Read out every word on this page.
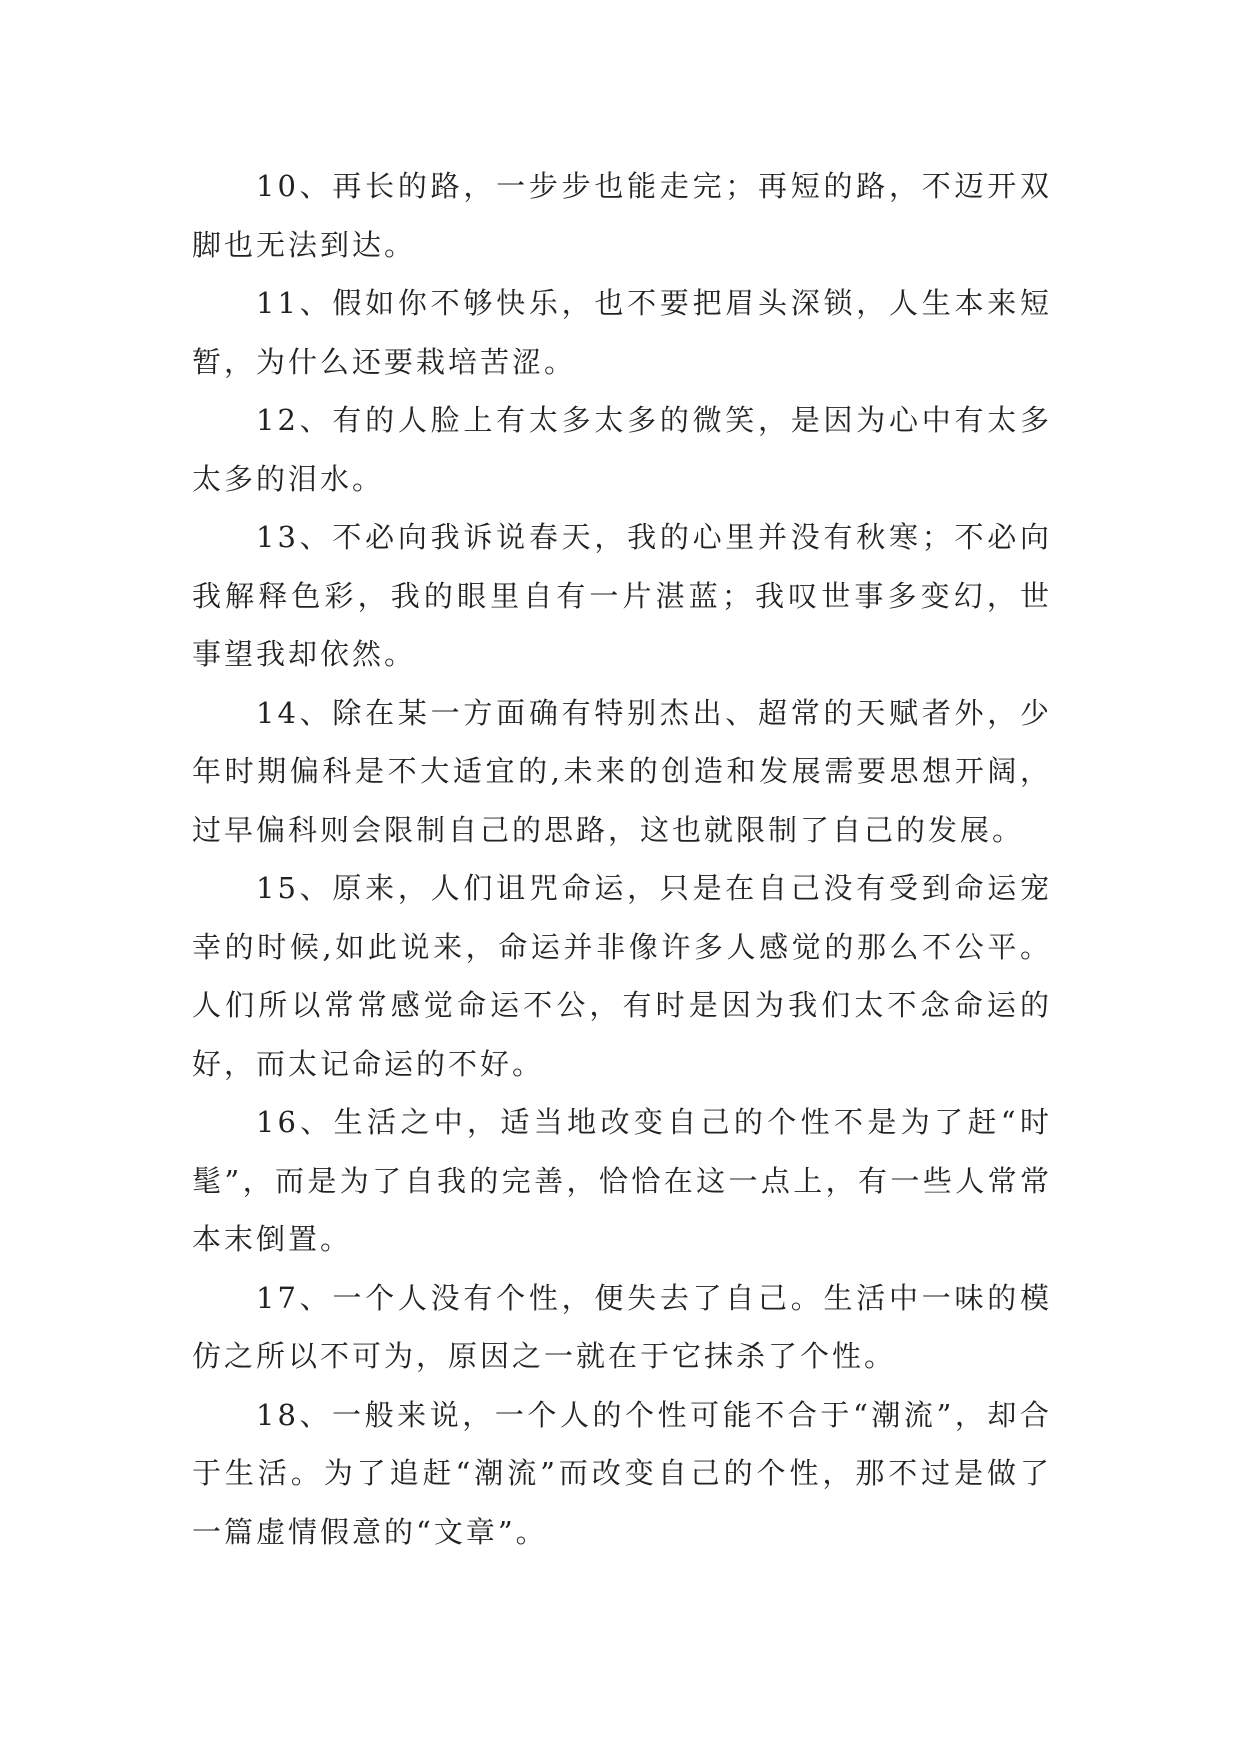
10、再长的路，一步步也能走完；再短的路，不迈开双脚也无法到达。

11、假如你不够快乐，也不要把眉头深锁，人生本来短暂，为什么还要栽培苦涩。

12、有的人脸上有太多太多的微笑，是因为心中有太多太多的泪水。

13、不必向我诉说春天，我的心里并没有秋寒；不必向我解释色彩，我的眼里自有一片湛蓝；我叹世事多变幻，世事望我却依然。

14、除在某一方面确有特别杰出、超常的天赋者外，少年时期偏科是不大适宜的,未来的创造和发展需要思想开阔，过早偏科则会限制自己的思路，这也就限制了自己的发展。

15、原来，人们诅咒命运，只是在自己没有受到命运宠幸的时候,如此说来，命运并非像许多人感觉的那么不公平。人们所以常常感觉命运不公，有时是因为我们太不念命运的好，而太记命运的不好。

16、生活之中，适当地改变自己的个性不是为了赶“时髦”，而是为了自我的完善，恰恰在这一点上，有一些人常常本末倒置。

17、一个人没有个性，便失去了自己。生活中一味的模仿之所以不可为，原因之一就在于它抹杀了个性。

18、一般来说，一个人的个性可能不合于“潮流”，却合于生活。为了追赶“潮流”而改变自己的个性，那不过是做了一篇虚情假意的“文章”。
